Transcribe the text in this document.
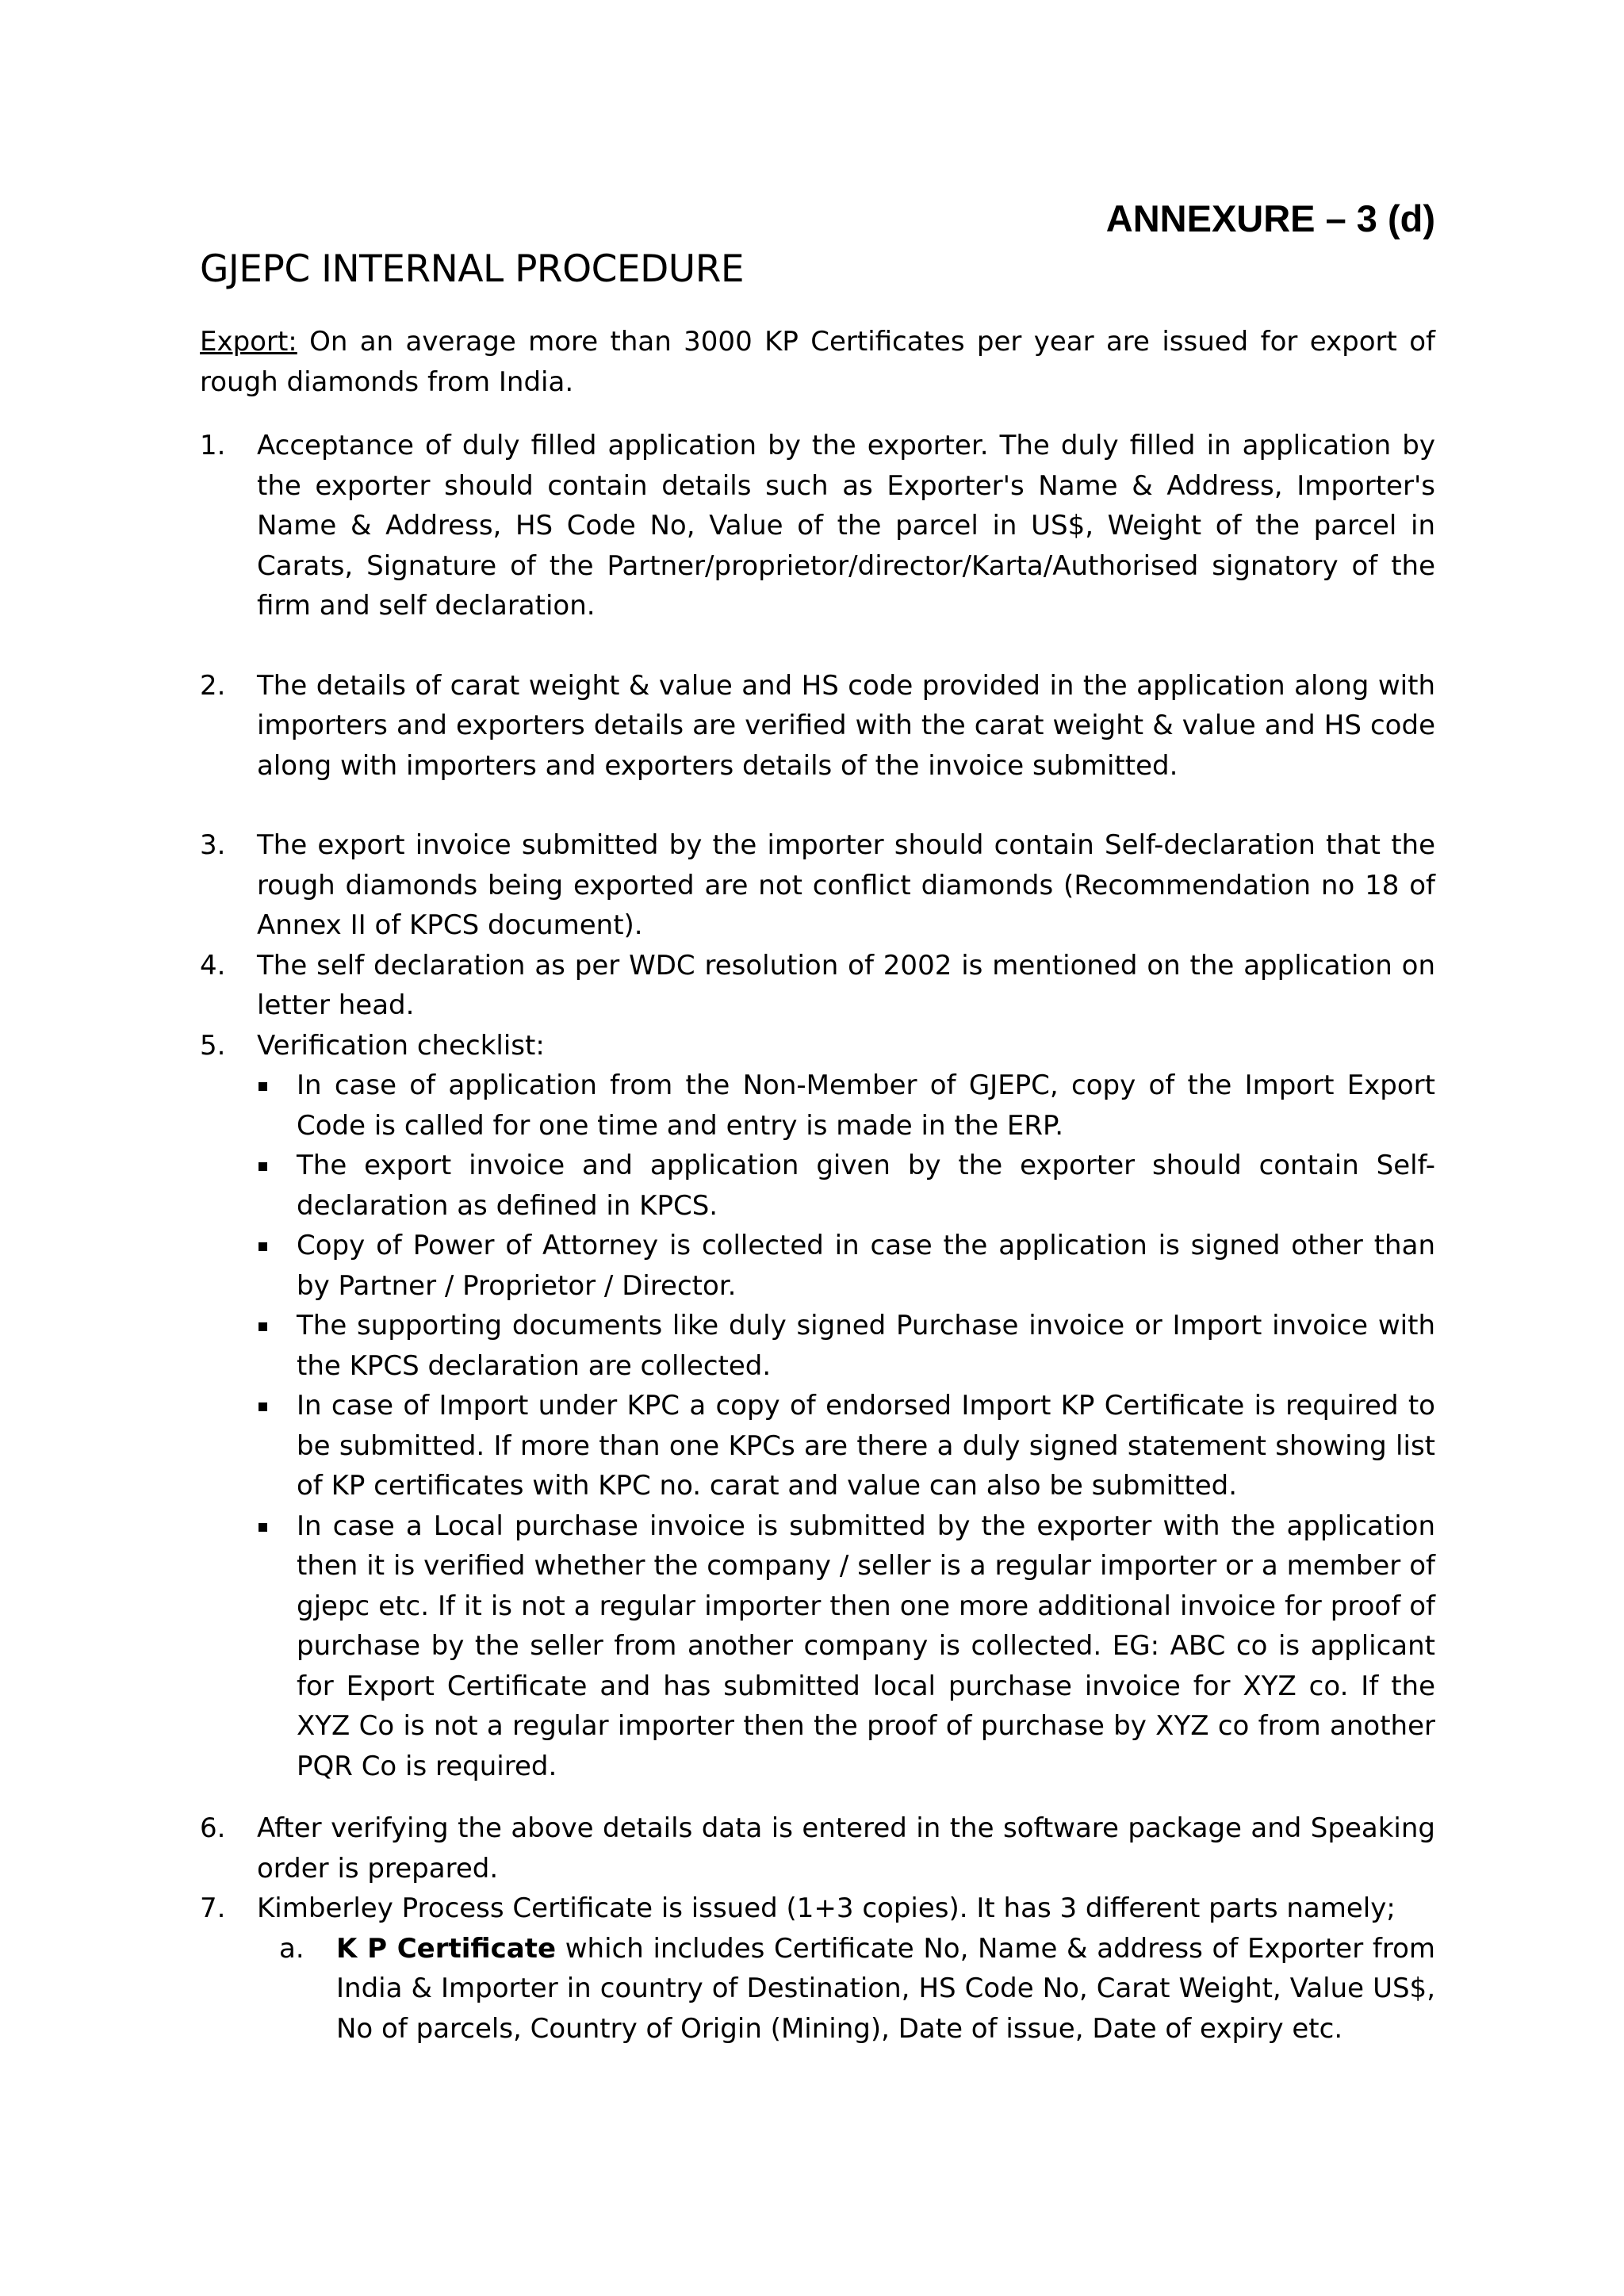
ANNEXURE – 3 (d)
GJEPC INTERNAL PROCEDURE

Export: On an average more than 3000 KP Certificates per year are issued for export of rough diamonds from India.

1. Acceptance of duly filled application by the exporter. The duly filled in application by the exporter should contain details such as Exporter's Name & Address, Importer's Name & Address, HS Code No, Value of the parcel in US$, Weight of the parcel in Carats, Signature of the Partner/proprietor/director/Karta/Authorised signatory of the firm and self declaration.
2. The details of carat weight & value and HS code provided in the application along with importers and exporters details are verified with the carat weight & value and HS code along with importers and exporters details of the invoice submitted.
3. The export invoice submitted by the importer should contain Self-declaration that the rough diamonds being exported are not conflict diamonds (Recommendation no 18 of Annex II of KPCS document).
4. The self declaration as per WDC resolution of 2002 is mentioned on the application on letter head.
5. Verification checklist:
In case of application from the Non-Member of GJEPC, copy of the Import Export Code is called for one time and entry is made in the ERP.
The export invoice and application given by the exporter should contain Self-declaration as defined in KPCS.
Copy of Power of Attorney is collected in case the application is signed other than by Partner / Proprietor / Director.
The supporting documents like duly signed Purchase invoice or Import invoice with the KPCS declaration are collected.
In case of Import under KPC a copy of endorsed Import KP Certificate is required to be submitted. If more than one KPCs are there a duly signed statement showing list of KP certificates with KPC no. carat and value can also be submitted.
In case a Local purchase invoice is submitted by the exporter with the application then it is verified whether the company / seller is a regular importer or a member of gjepc etc. If it is not a regular importer then one more additional invoice for proof of purchase by the seller from another company is collected. EG: ABC co is applicant for Export Certificate and has submitted local purchase invoice for XYZ co. If the XYZ Co is not a regular importer then the proof of purchase by XYZ co from another PQR Co is required.
6. After verifying the above details data is entered in the software package and Speaking order is prepared.
7. Kimberley Process Certificate is issued (1+3 copies). It has 3 different parts namely;
a. K P Certificate which includes Certificate No, Name & address of Exporter from India & Importer in country of Destination, HS Code No, Carat Weight, Value US$, No of parcels, Country of Origin (Mining), Date of issue, Date of expiry etc.
